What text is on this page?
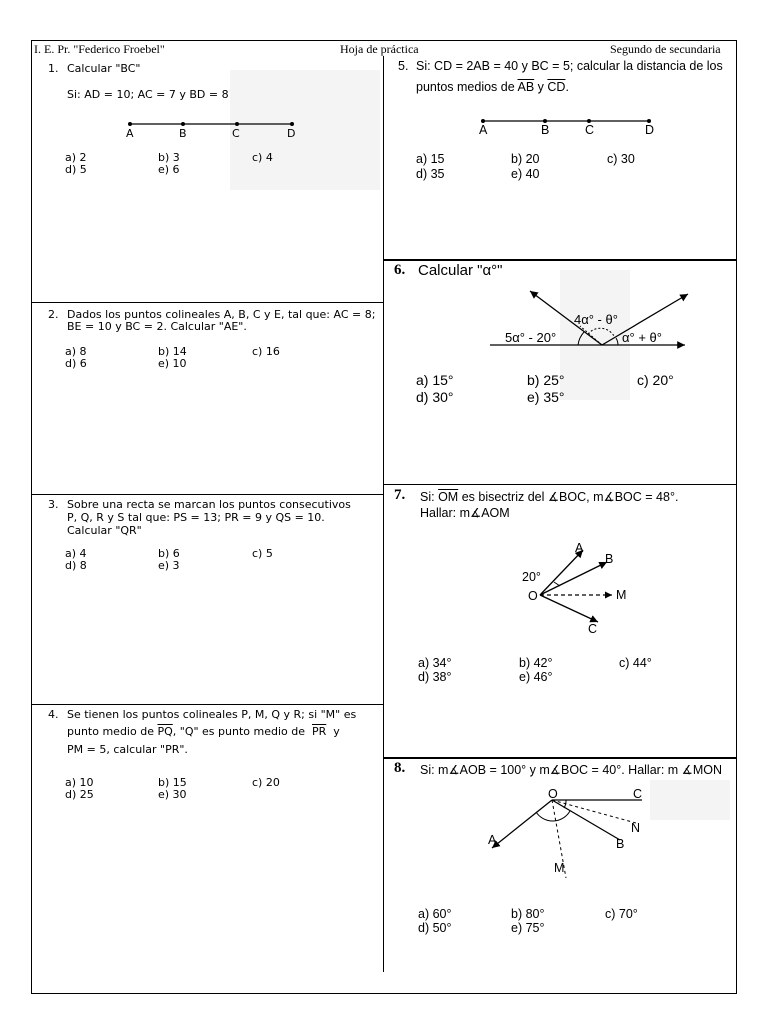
I. E. Pr. "Federico Froebel"	Hoja de práctica	Segundo de secundaria
1. Calcular "BC"
Si: AD = 10; AC = 7 y BD = 8
A	B	C	D
a) 2	b) 3	c) 4
d) 5	e) 6
2. Dados los puntos colineales A, B, C y E, tal que: AC = 8;
BE = 10 y BC = 2. Calcular "AE".
a) 8	b) 14	c) 16
d) 6	e) 10
3. Sobre una recta se marcan los puntos consecutivos
P, Q, R y S tal que: PS = 13; PR = 9 y QS = 10.
Calcular "QR"
a) 4	b) 6	c) 5
d) 8	e) 3
4. Se tienen los puntos colineales P, M, Q y R; si "M" es
punto medio de $\overline{PQ}$, "Q" es punto medio de $\overline{PR}$ y
PM = 5, calcular "PR".
a) 10	b) 15	c) 20
d) 25	e) 30
5. Si: CD = 2AB = 40 y BC = 5; calcular la distancia de los
puntos medios de $\overline{AB}$ y $\overline{CD}$.
A	B	C	D
a) 15	b) 20	c) 30
d) 35	e) 40
6. Calcular "α°"
4α° - θ°
5α° - 20°	α° + θ°
a) 15°	b) 25°	c) 20°
d) 30°	e) 35°
7. Si: $\overline{OM}$ es bisectriz del ∡BOC, m∡BOC = 48°.
Hallar: m∡AOM
A
B
M
O
C
20°
a) 34°	b) 42°	c) 44°
d) 38°	e) 46°
8. Si: m∡AOB = 100° y m∡BOC = 40°. Hallar: m ∡MON
O	C
N
B
A
M
a) 60°	b) 80°	c) 70°
d) 50°	e) 75°
